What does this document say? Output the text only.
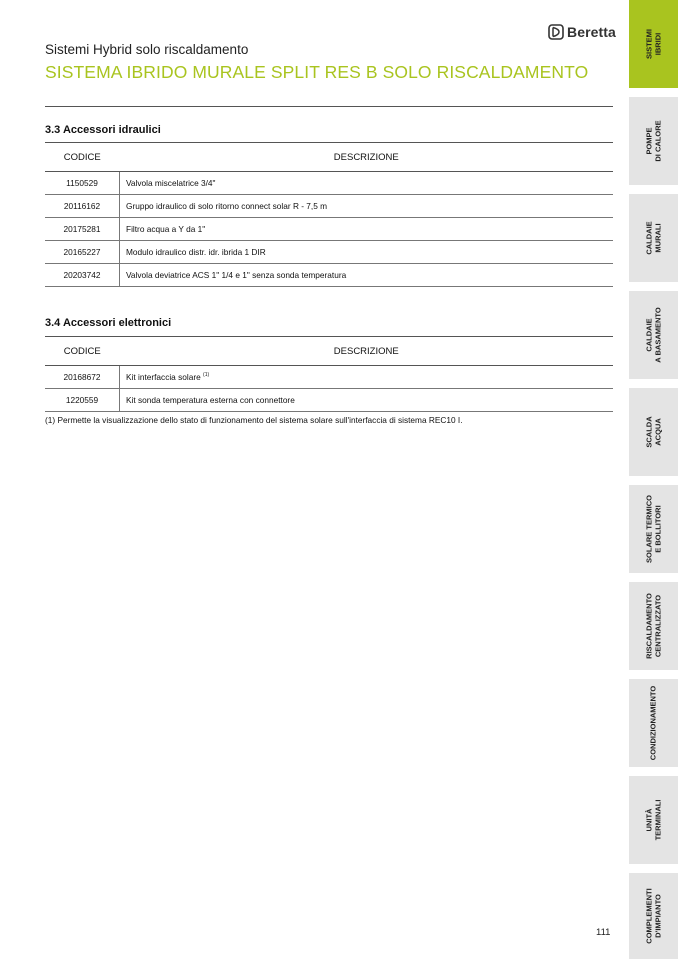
Beretta
Sistemi Hybrid solo riscaldamento
SISTEMA IBRIDO MURALE SPLIT RES B SOLO RISCALDAMENTO
3.3 Accessori idraulici
CODICE	DESCRIZIONE
1150529	Valvola miscelatrice 3/4"
20116162	Gruppo idraulico di solo ritorno connect solar R - 7,5 m
20175281	Filtro acqua a Y da 1"
20165227	Modulo idraulico distr. idr. ibrida 1 DIR
20203742	Valvola deviatrice ACS 1" 1/4 e 1" senza sonda temperatura
3.4 Accessori elettronici
CODICE	DESCRIZIONE
20168672	Kit interfaccia solare $^{(1)}$
1220559	Kit sonda temperatura esterna con connettore
(1) Permette la visualizzazione dello stato di funzionamento del sistema solare sull'interfaccia di sistema REC10 I.
111
SISTEMI
IBRIDI
POMPE
DI CALORE
CALDAIE
MURALI
CALDAIE
A BASAMENTO
SCALDA
ACQUA
SOLARE TERMICO
E BOLLITORI
RISCALDAMENTO
CENTRALIZZATO
CONDIZIONAMENTO
UNITÀ
TERMINALI
COMPLEMENTI
D'IMPIANTO
